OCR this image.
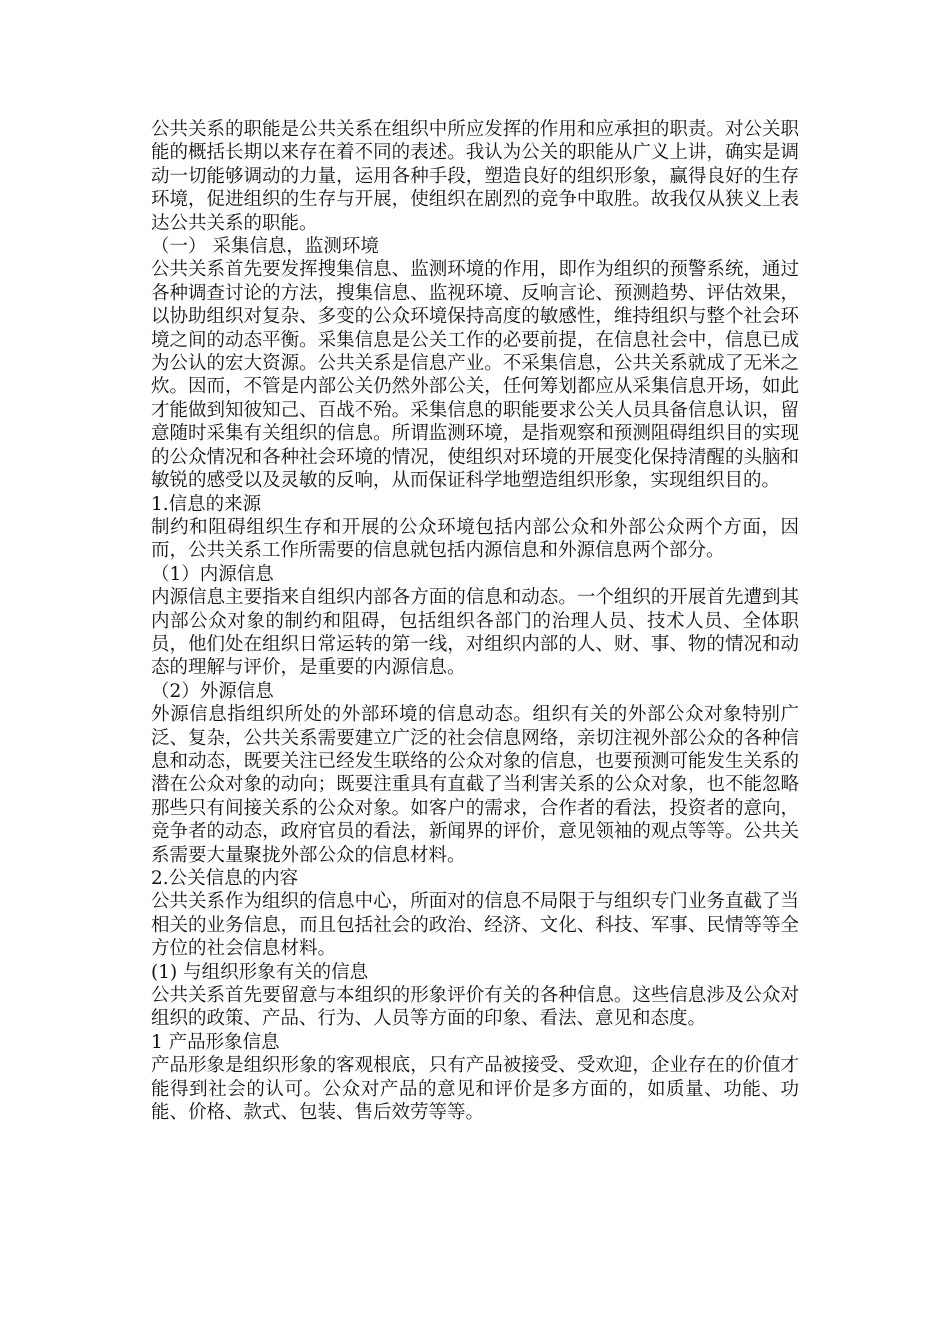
公共关系的职能是公共关系在组织中所应发挥的作用和应承担的职责。对公关职能的概括长期以来存在着不同的表述。我认为公关的职能从广义上讲，确实是调动一切能够调动的力量，运用各种手段，塑造良好的组织形象，赢得良好的生存环境，促进组织的生存与开展，使组织在剧烈的竞争中取胜。故我仅从狭义上表达公共关系的职能。

（一） 采集信息，监测环境

公共关系首先要发挥搜集信息、监测环境的作用，即作为组织的预警系统，通过各种调查讨论的方法，搜集信息、监视环境、反响言论、预测趋势、评估效果，以协助组织对复杂、多变的公众环境保持高度的敏感性，维持组织与整个社会环境之间的动态平衡。采集信息是公关工作的必要前提，在信息社会中，信息已成为公认的宏大资源。公共关系是信息产业。不采集信息，公共关系就成了无米之炊。因而，不管是内部公关仍然外部公关，任何筹划都应从采集信息开场，如此才能做到知彼知己、百战不殆。采集信息的职能要求公关人员具备信息认识，留意随时采集有关组织的信息。所谓监测环境，是指观察和预测阻碍组织目的实现的公众情况和各种社会环境的情况，使组织对环境的开展变化保持清醒的头脑和敏锐的感受以及灵敏的反响，从而保证科学地塑造组织形象，实现组织目的。

1.信息的来源

制约和阻碍组织生存和开展的公众环境包括内部公众和外部公众两个方面，因而，公共关系工作所需要的信息就包括内源信息和外源信息两个部分。

（1）内源信息

内源信息主要指来自组织内部各方面的信息和动态。一个组织的开展首先遭到其内部公众对象的制约和阻碍，包括组织各部门的治理人员、技术人员、全体职员，他们处在组织日常运转的第一线，对组织内部的人、财、事、物的情况和动态的理解与评价，是重要的内源信息。

（2）外源信息

外源信息指组织所处的外部环境的信息动态。组织有关的外部公众对象特别广泛、复杂，公共关系需要建立广泛的社会信息网络，亲切注视外部公众的各种信息和动态，既要关注已经发生联络的公众对象的信息，也要预测可能发生关系的潜在公众对象的动向；既要注重具有直截了当利害关系的公众对象，也不能忽略那些只有间接关系的公众对象。如客户的需求，合作者的看法，投资者的意向，竞争者的动态，政府官员的看法，新闻界的评价，意见领袖的观点等等。公共关系需要大量聚拢外部公众的信息材料。

2.公关信息的内容

公共关系作为组织的信息中心，所面对的信息不局限于与组织专门业务直截了当相关的业务信息，而且包括社会的政治、经济、文化、科技、军事、民情等等全方位的社会信息材料。

(1) 与组织形象有关的信息

公共关系首先要留意与本组织的形象评价有关的各种信息。这些信息涉及公众对组织的政策、产品、行为、人员等方面的印象、看法、意见和态度。

1 产品形象信息

产品形象是组织形象的客观根底，只有产品被接受、受欢迎，企业存在的价值才能得到社会的认可。公众对产品的意见和评价是多方面的，如质量、功能、功能、价格、款式、包装、售后效劳等等。
